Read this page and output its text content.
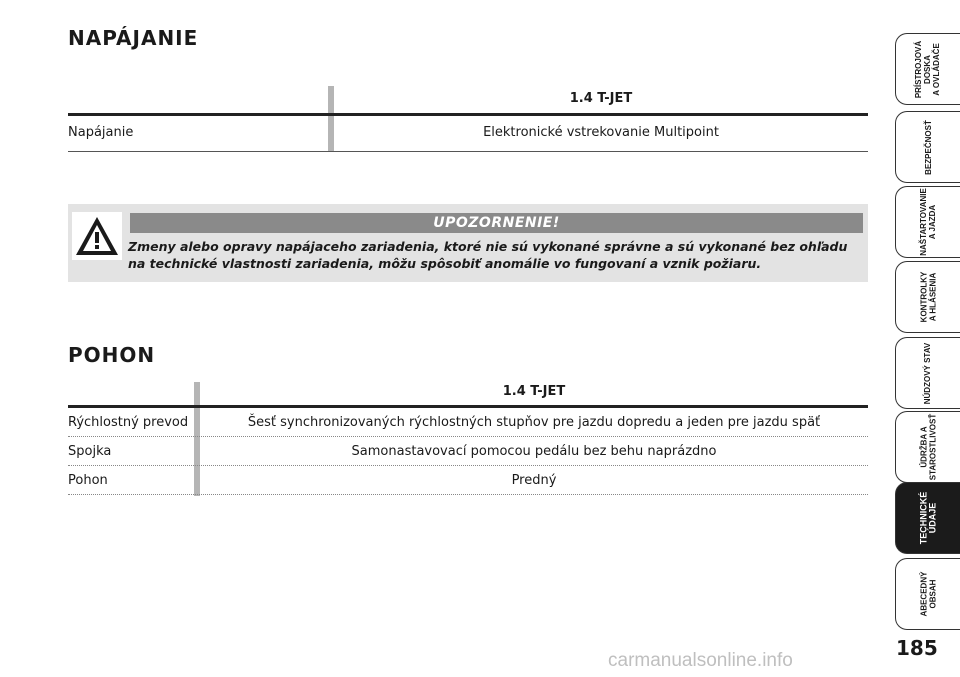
NAPÁJANIE
1.4 T-JET
Napájanie	Elektronické vstrekovanie Multipoint
UPOZORNENIE!
Zmeny alebo opravy napájaceho zariadenia, ktoré nie sú vykonané správne a sú vykonané bez ohľadu na technické vlastnosti zariadenia, môžu spôsobiť anomálie vo fungovaní a vznik požiaru.
POHON
1.4 T-JET
Rýchlostný prevod	Šesť synchronizovaných rýchlostných stupňov pre jazdu dopredu a jeden pre jazdu späť
Spojka	Samonastavovací pomocou pedálu bez behu naprázdno
Pohon	Predný
PRÍSTROJOVÁ
DOSKA
A OVLÁDAČE
BEZPEČNOSŤ
NAŠTARTOVANIE
A JAZDA
KONTROLKY
A HLÁSENIA
NÚDZOVÝ STAV
ÚDRŽBA A
STAROSTLIVOSŤ
TECHNICKÉ
ÚDAJE
ABECEDNÝ
OBSAH
185
carmanualsonline.info
